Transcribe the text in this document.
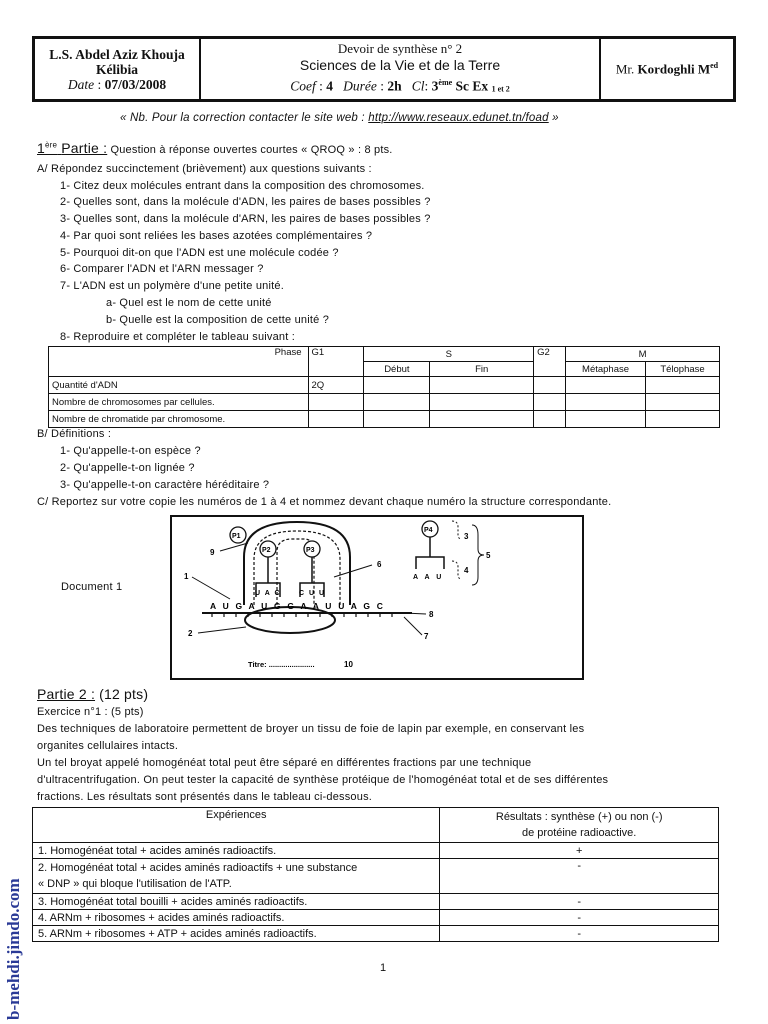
L.S. Abdel Aziz Khouja
Kélibia
Date : 07/03/2008
Devoir de synthèse n° 2
Sciences de la Vie et de la Terre
Coef : 4 Durée : 2h Cl: 3ème Sc Ex 1 et 2
Mr. Kordoghli $M^{ed}$
« Nb. Pour la correction contacter le site web : http://www.reseaux.edunet.tn/foad »
1ère Partie : Question à réponse ouvertes courtes « QROQ » : 8 pts.
A/ Répondez succinctement (brièvement) aux questions suivants :
1- Citez deux molécules entrant dans la composition des chromosomes.
2- Quelles sont, dans la molécule d'ADN, les paires de bases possibles ?
3- Quelles sont, dans la molécule d'ARN, les paires de bases possibles ?
4- Par quoi sont reliées les bases azotées complémentaires ?
5- Pourquoi dit-on que l'ADN est une molécule codée ?
6- Comparer l'ADN et l'ARN messager ?
7- L'ADN est un polymère d'une petite unité.
a- Quel est le nom de cette unité
b- Quelle est la composition de cette unité ?
8- Reproduire et compléter le tableau suivant :
Phase	G1	S		G2	M	
		Début	Fin		Métaphase	Télophase
Quantité d'ADN	2Q					
Nombre de chromosomes par cellules.						
Nombre de chromatide par chromosome.						
B/ Définitions :
1- Qu'appelle-t-on espèce ?
2- Qu'appelle-t-on lignée ?
3- Qu'appelle-t-on caractère héréditaire ?
C/ Reportez sur votre copie les numéros de 1 à 4 et nommez devant chaque numéro la structure correspondante.
Document 1
A U G A U G G A A U U A G C
P1
P2
U A C
P3
C U U
P4
A A U
3
4
5
9
1
2
6
8
7
Titre: ......................	10
Partie 2 : (12 pts)
Exercice n°1 : (5 pts)
Des techniques de laboratoire permettent de broyer un tissu de foie de lapin par exemple, en conservant les
organites cellulaires intacts.
Un tel broyat appelé homogénéat total peut être séparé en différentes fractions par une technique
d'ultracentrifugation. On peut tester la capacité de synthèse protéique de l'homogénéat total et de ses différentes
fractions. Les résultats sont présentés dans le tableau ci-dessous.
Expériences	Résultats : synthèse (+) ou non (-)
de protéine radioactive.
1. Homogénéat total + acides aminés radioactifs.	+
2. Homogénéat total + acides aminés radioactifs + une substance
« DNP » qui bloque l'utilisation de l'ATP.	-
3. Homogénéat total bouilli + acides aminés radioactifs.	-
4. ARNm + ribosomes + acides aminés radioactifs.	-
5. ARNm + ribosomes + ATP + acides aminés radioactifs.	-
1
b-mehdi.jimdo.com
